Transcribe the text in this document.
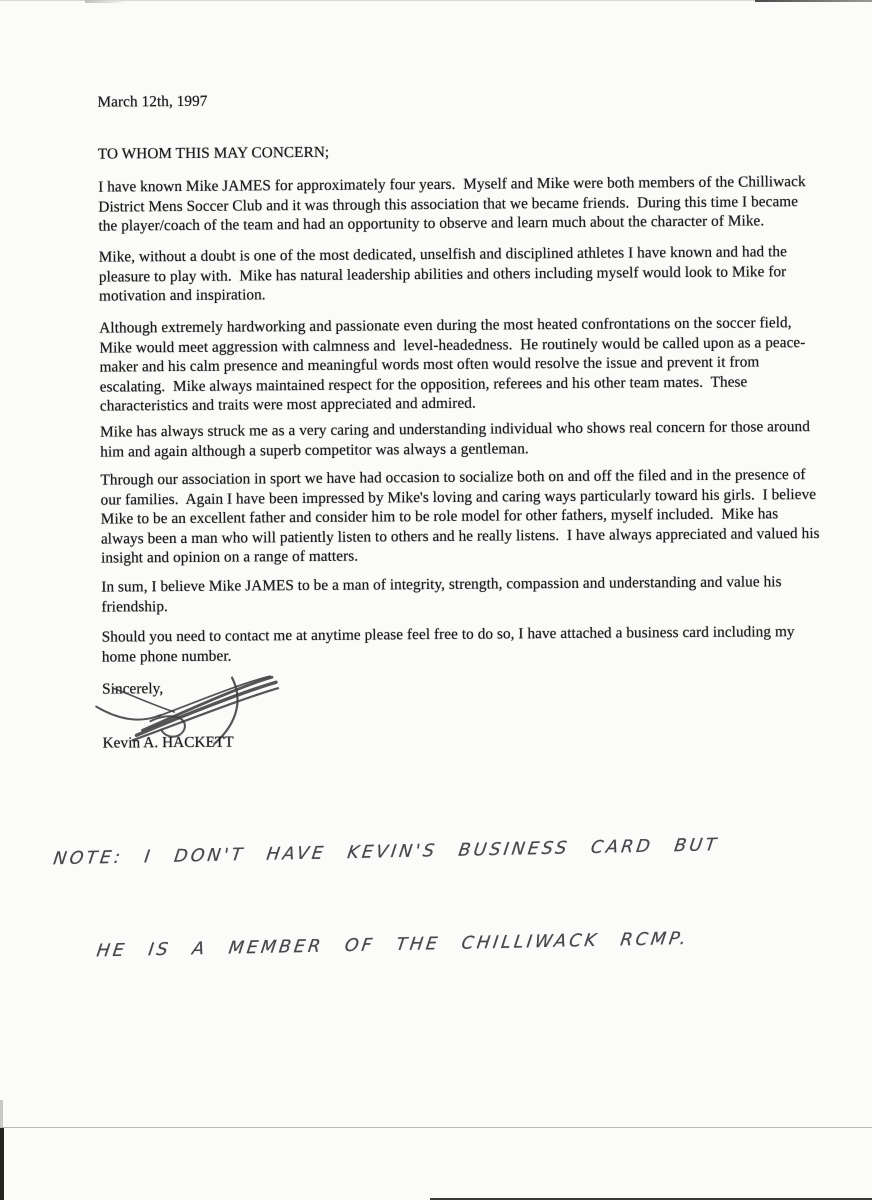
March 12th, 1997
TO WHOM THIS MAY CONCERN;
I have known Mike JAMES for approximately four years.  Myself and Mike were both members of the Chilliwack
District Mens Soccer Club and it was through this association that we became friends.  During this time I became
the player/coach of the team and had an opportunity to observe and learn much about the character of Mike.
Mike, without a doubt is one of the most dedicated, unselfish and disciplined athletes I have known and had the
pleasure to play with.  Mike has natural leadership abilities and others including myself would look to Mike for
motivation and inspiration.
Although extremely hardworking and passionate even during the most heated confrontations on the soccer field,
Mike would meet aggression with calmness and  level-headedness.  He routinely would be called upon as a peace-
maker and his calm presence and meaningful words most often would resolve the issue and prevent it from
escalating.  Mike always maintained respect for the opposition, referees and his other team mates.  These
characteristics and traits were most appreciated and admired.
Mike has always struck me as a very caring and understanding individual who shows real concern for those around
him and again although a superb competitor was always a gentleman.
Through our association in sport we have had occasion to socialize both on and off the filed and in the presence of
our families.  Again I have been impressed by Mike's loving and caring ways particularly toward his girls.  I believe
Mike to be an excellent father and consider him to be role model for other fathers, myself included.  Mike has
always been a man who will patiently listen to others and he really listens.  I have always appreciated and valued his
insight and opinion on a range of matters.
In sum, I believe Mike JAMES to be a man of integrity, strength, compassion and understanding and value his
friendship.
Should you need to contact me at anytime please feel free to do so, I have attached a business card including my
home phone number.
Sincerely,
Kevin A. HACKETT

NOTE: I DON'T HAVE KEVIN'S BUSINESS CARD BUT

HE IS A MEMBER OF THE CHILLIWACK RCMP.
